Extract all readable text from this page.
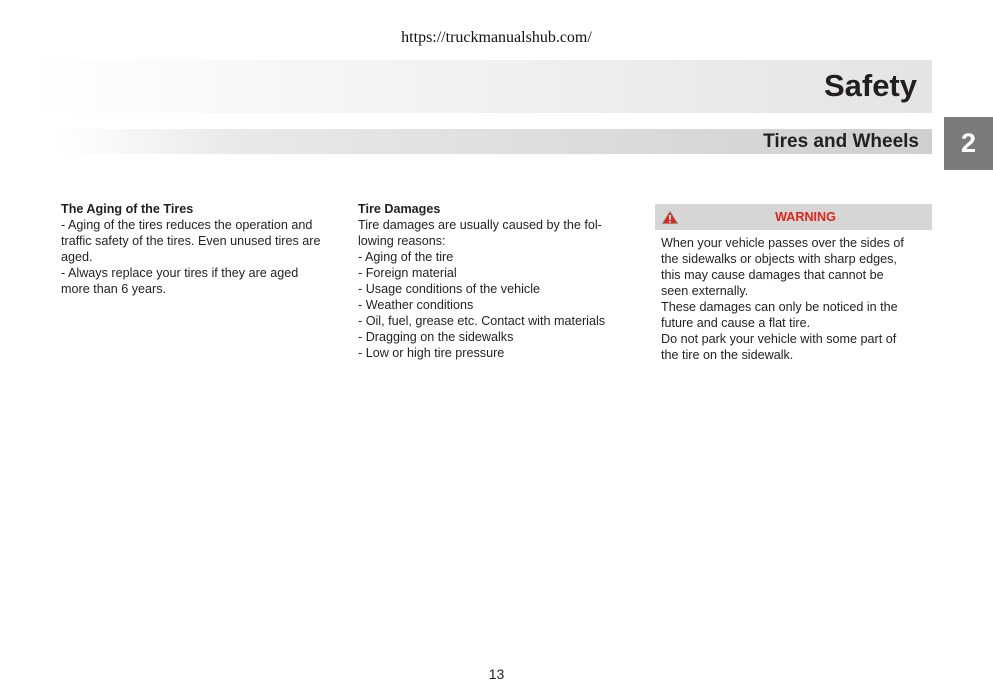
https://truckmanualshub.com/
Safety
Tires and Wheels	2
The Aging of the Tires
- Aging of the tires reduces the operation and
traffic safety of the tires. Even unused tires are
aged.
- Always replace your tires if they are aged
more than 6 years.
Tire Damages
Tire damages are usually caused by the fol-
lowing reasons:
- Aging of the tire
- Foreign material
- Usage conditions of the vehicle
- Weather conditions
- Oil, fuel, grease etc. Contact with materials
- Dragging on the sidewalks
- Low or high tire pressure
WARNING
When your vehicle passes over the sides of
the sidewalks or objects with sharp edges,
this may cause damages that cannot be
seen externally.
These damages can only be noticed in the
future and cause a flat tire.
Do not park your vehicle with some part of
the tire on the sidewalk.
13
